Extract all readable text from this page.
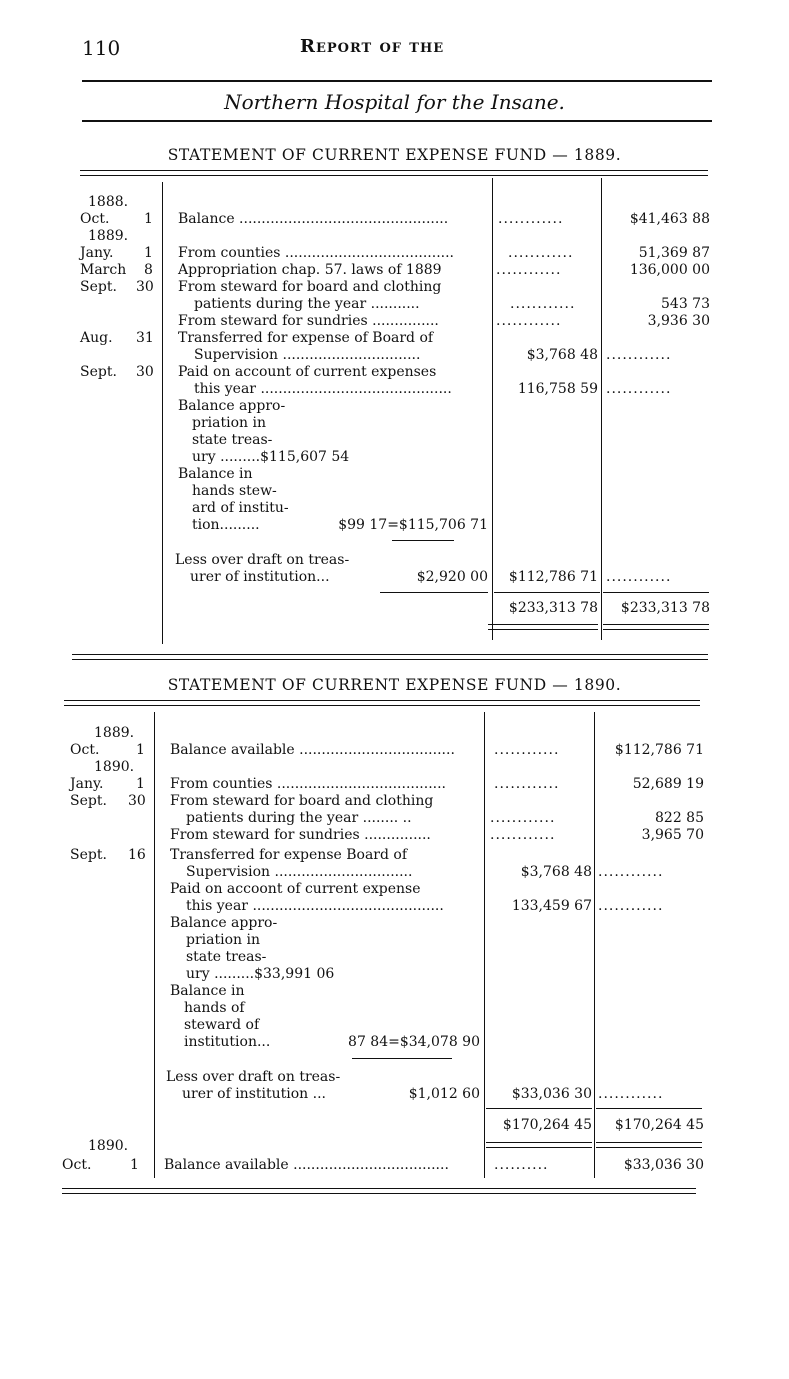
110	Report of the
Northern Hospital for the Insane.
STATEMENT OF CURRENT EXPENSE FUND — 1889.
1888.
Oct. 1 Balance ...............................................	............	$41,463 88
1889.
Jany. 1 From counties ......................................	............	51,369 87
March 8 Appropriation chap. 57. laws of 1889	............	136,000 00
Sept. 30 From steward for board and clothing
patients during the year ...........	............	543 73
From steward for sundries ...............	............	3,936 30
Aug. 31 Transferred for expense of Board of
Supervision ...............................	$3,768 48 ............
Sept. 30 Paid on account of current expenses
this year ...........................................	116,758 59 ............
Balance appro-
priation in
state treas-
ury .........$115,607 54
Balance in
hands stew-
ard of institu-
tion.........	$99 17=$115,706 71
Less over draft on treas-
urer of institution...	$2,920 00	$112,786 71 ............
$233,313 78	$233,313 78
STATEMENT OF CURRENT EXPENSE FUND — 1890.
1889.
Oct.	1 Balance available ...................................	............	$112,786 71
1890.
Jany. 1 From counties ......................................	............	52,689 19
Sept. 30 From steward for board and clothing
patients during the year ........ ..	............	822 85
From steward for sundries ...............	............	3,965 70
Sept. 16 Transferred for expense Board of
Supervision ...............................	$3,768 48 ............
Paid on accoont of current expense
this year ...........................................	133,459 67 ............
Balance appro-
priation in
state treas-
ury .........$33,991 06
Balance in
hands of
steward of
institution...	87 84=$34,078 90
Less over draft on treas-
urer of institution ...	$1,012 60	$33,036 30 ............
$170,264 45	$170,264 45
1890.
Oct.	1 Balance available ...................................	..........	$33,036 30
